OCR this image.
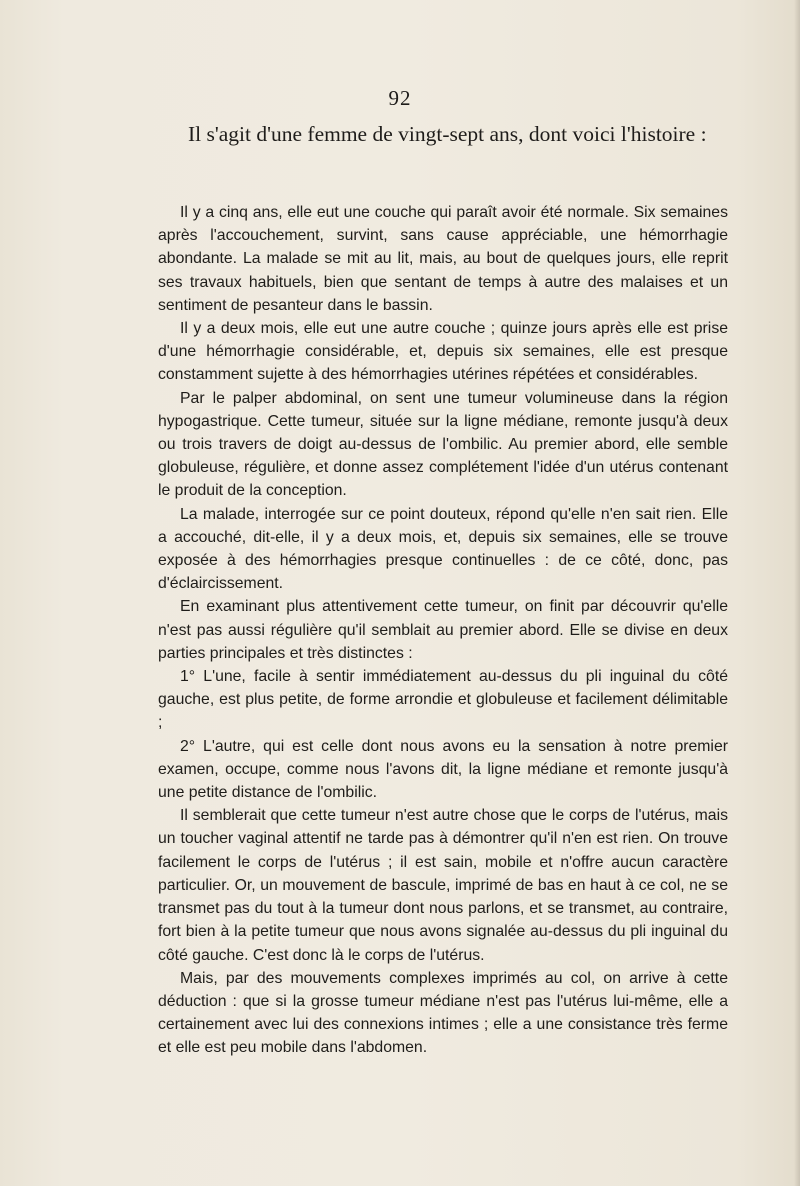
92
Il s'agit d'une femme de vingt-sept ans, dont voici l'histoire :

Il y a cinq ans, elle eut une couche qui paraît avoir été normale. Six semaines après l'accouchement, survint, sans cause appréciable, une hémorrhagie abondante. La malade se mit au lit, mais, au bout de quelques jours, elle reprit ses travaux habituels, bien que sentant de temps à autre des malaises et un sentiment de pesanteur dans le bassin.

Il y a deux mois, elle eut une autre couche ; quinze jours après elle est prise d'une hémorrhagie considérable, et, depuis six semaines, elle est presque constamment sujette à des hémorrhagies utérines répétées et considérables.

Par le palper abdominal, on sent une tumeur volumineuse dans la région hypogastrique. Cette tumeur, située sur la ligne médiane, remonte jusqu'à deux ou trois travers de doigt au-dessus de l'ombilic. Au premier abord, elle semble globuleuse, régulière, et donne assez complétement l'idée d'un utérus contenant le produit de la conception.

La malade, interrogée sur ce point douteux, répond qu'elle n'en sait rien. Elle a accouché, dit-elle, il y a deux mois, et, depuis six semaines, elle se trouve exposée à des hémorrhagies presque continuelles : de ce côté, donc, pas d'éclaircissement.

En examinant plus attentivement cette tumeur, on finit par découvrir qu'elle n'est pas aussi régulière qu'il semblait au premier abord. Elle se divise en deux parties principales et très distinctes :

1° L'une, facile à sentir immédiatement au-dessus du pli inguinal du côté gauche, est plus petite, de forme arrondie et globuleuse et facilement délimitable ;

2° L'autre, qui est celle dont nous avons eu la sensation à notre premier examen, occupe, comme nous l'avons dit, la ligne médiane et remonte jusqu'à une petite distance de l'ombilic.

Il semblerait que cette tumeur n'est autre chose que le corps de l'utérus, mais un toucher vaginal attentif ne tarde pas à démontrer qu'il n'en est rien. On trouve facilement le corps de l'utérus ; il est sain, mobile et n'offre aucun caractère particulier. Or, un mouvement de bascule, imprimé de bas en haut à ce col, ne se transmet pas du tout à la tumeur dont nous parlons, et se transmet, au contraire, fort bien à la petite tumeur que nous avons signalée au-dessus du pli inguinal du côté gauche. C'est donc là le corps de l'utérus.

Mais, par des mouvements complexes imprimés au col, on arrive à cette déduction : que si la grosse tumeur médiane n'est pas l'utérus lui-même, elle a certainement avec lui des connexions intimes ; elle a une consistance très ferme et elle est peu mobile dans l'abdomen.
